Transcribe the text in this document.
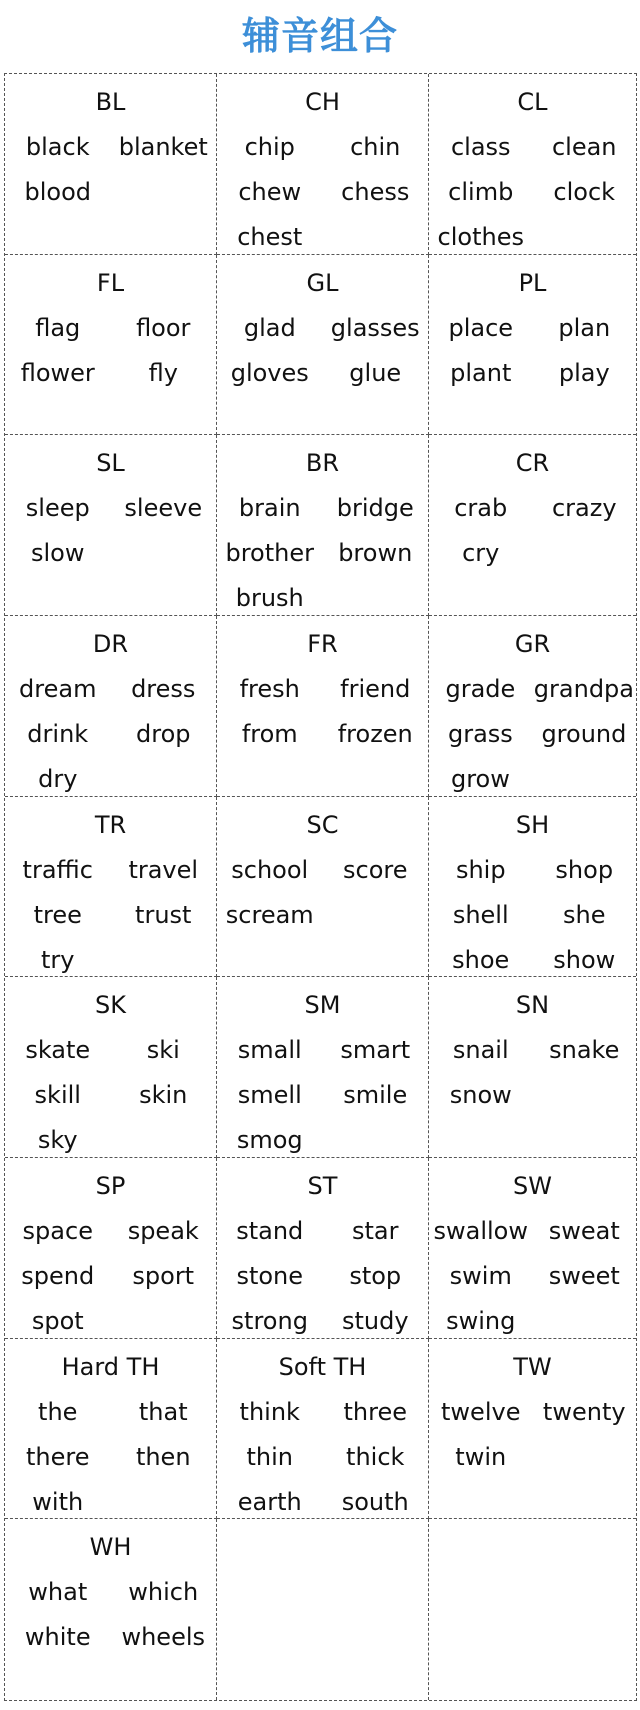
辅音组合
BL
black	blanket
blood
CH
chip	chin
chew	chess
chest
CL
class	clean
climb	clock
clothes
FL
flag	floor
flower	fly
GL
glad	glasses
gloves	glue
PL
place	plan
plant	play
SL
sleep	sleeve
slow
BR
brain	bridge
brother	brown
brush
CR
crab	crazy
cry
DR
dream	dress
drink	drop
dry
FR
fresh	friend
from	frozen
GR
grade grandpa
grass	ground
grow
TR
traffic	travel
tree	trust
try
SC
school	score
scream
SH
ship	shop
shell	she
shoe	show
SK
skate	ski
skill	skin
sky
SM
small	smart
smell	smile
smog
SN
snail	snake
snow
SP
space	speak
spend	sport
spot
ST
stand	star
stone	stop
strong	study
SW
swallow sweat
swim	sweet
swing
Hard TH
the	that
there	then
with
Soft TH
think	three
thin	thick
earth	south
TW
twelve twenty
twin
WH
what	which
white	wheels
